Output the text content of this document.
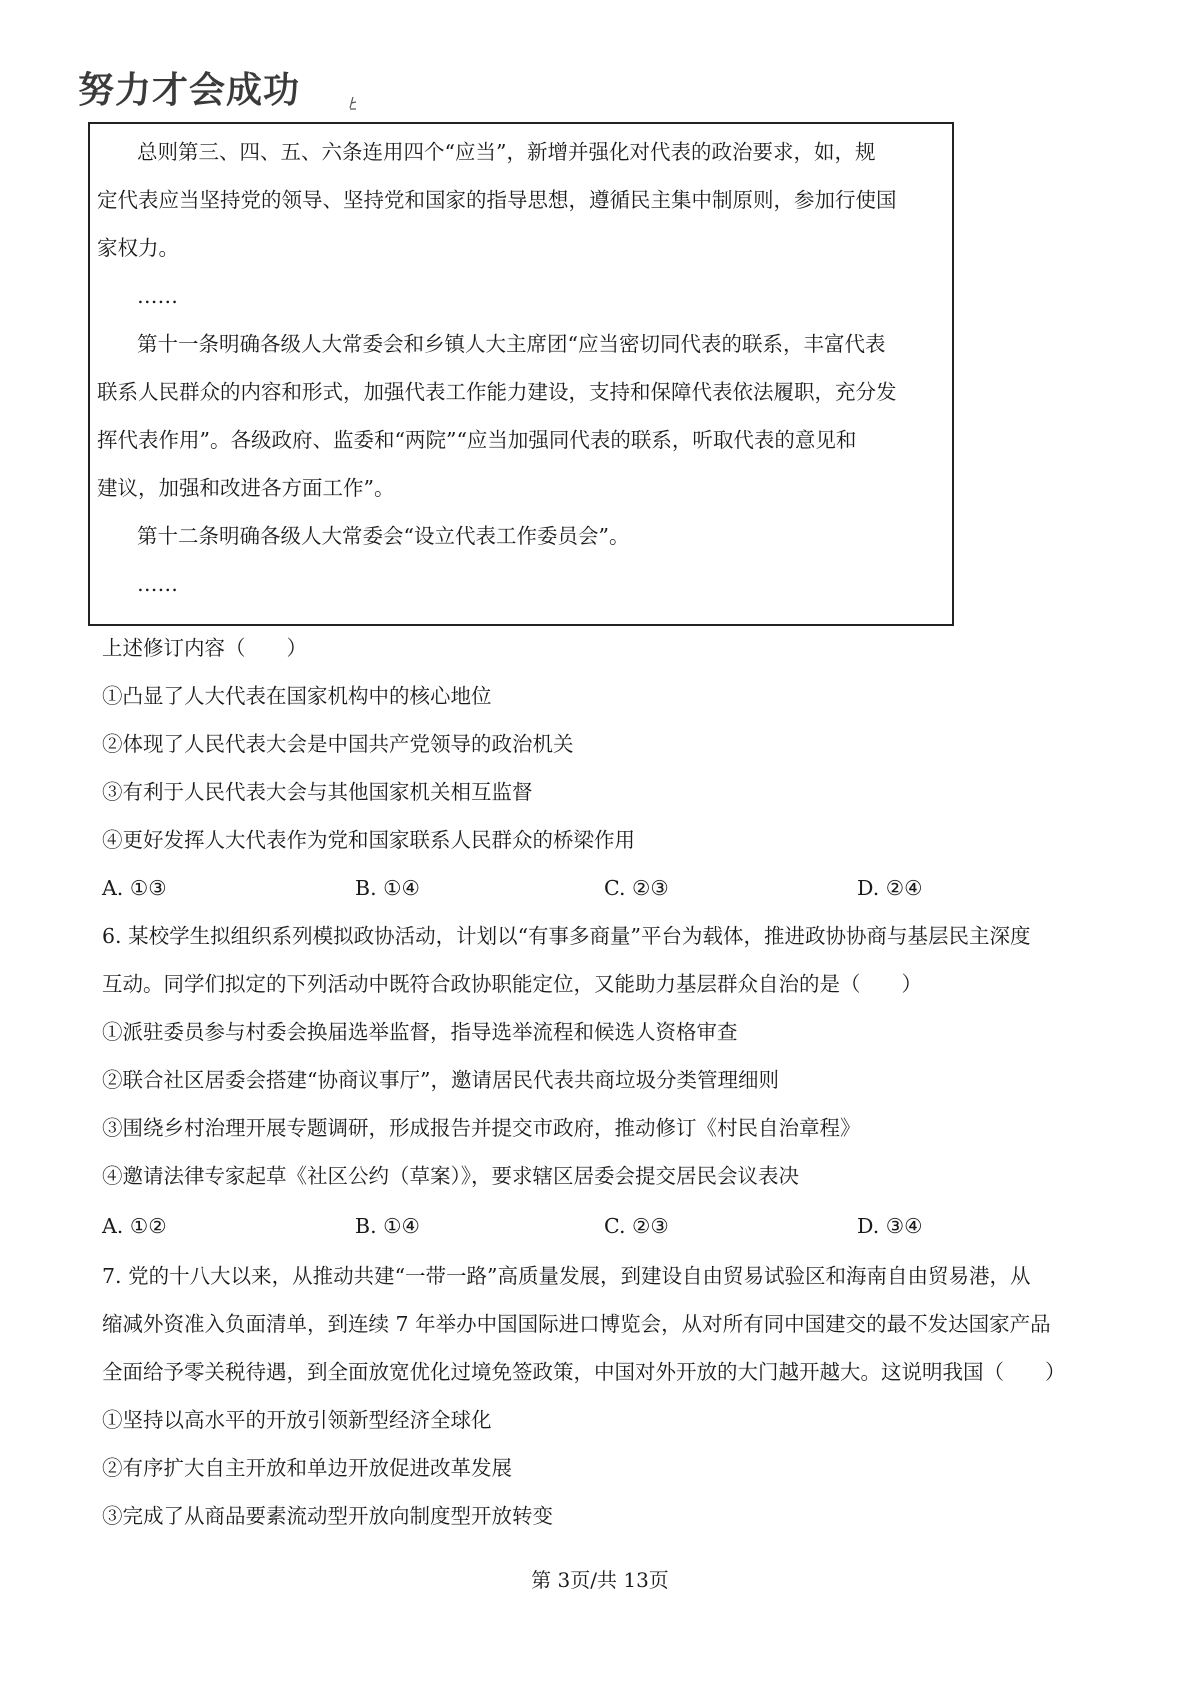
努力才会成功
总则第三、四、五、六条连用四个“应当”，新增并强化对代表的政治要求，如，规
定代表应当坚持党的领导、坚持党和国家的指导思想，遵循民主集中制原则，参加行使国
家权力。
……
第十一条明确各级人大常委会和乡镇人大主席团“应当密切同代表的联系，丰富代表
联系人民群众的内容和形式，加强代表工作能力建设，支持和保障代表依法履职，充分发
挥代表作用”。各级政府、监委和“两院”“应当加强同代表的联系，听取代表的意见和
建议，加强和改进各方面工作”。
第十二条明确各级人大常委会“设立代表工作委员会”。
……
上述修订内容（　　）
①凸显了人大代表在国家机构中的核心地位
②体现了人民代表大会是中国共产党领导的政治机关
③有利于人民代表大会与其他国家机关相互监督
④更好发挥人大代表作为党和国家联系人民群众的桥梁作用
A. ①③	B. ①④	C. ②③	D. ②④
6. 某校学生拟组织系列模拟政协活动，计划以“有事多商量”平台为载体，推进政协协商与基层民主深度
互动。同学们拟定的下列活动中既符合政协职能定位，又能助力基层群众自治的是（　　）
①派驻委员参与村委会换届选举监督，指导选举流程和候选人资格审查
②联合社区居委会搭建“协商议事厅”，邀请居民代表共商垃圾分类管理细则
③围绕乡村治理开展专题调研，形成报告并提交市政府，推动修订《村民自治章程》
④邀请法律专家起草《社区公约（草案）》，要求辖区居委会提交居民会议表决
A. ①②	B. ①④	C. ②③	D. ③④
7. 党的十八大以来，从推动共建“一带一路”高质量发展，到建设自由贸易试验区和海南自由贸易港，从
缩减外资准入负面清单，到连续 7 年举办中国国际进口博览会，从对所有同中国建交的最不发达国家产品
全面给予零关税待遇，到全面放宽优化过境免签政策，中国对外开放的大门越开越大。这说明我国（　　）
①坚持以高水平的开放引领新型经济全球化
②有序扩大自主开放和单边开放促进改革发展
③完成了从商品要素流动型开放向制度型开放转变
第 3页/共 13页
